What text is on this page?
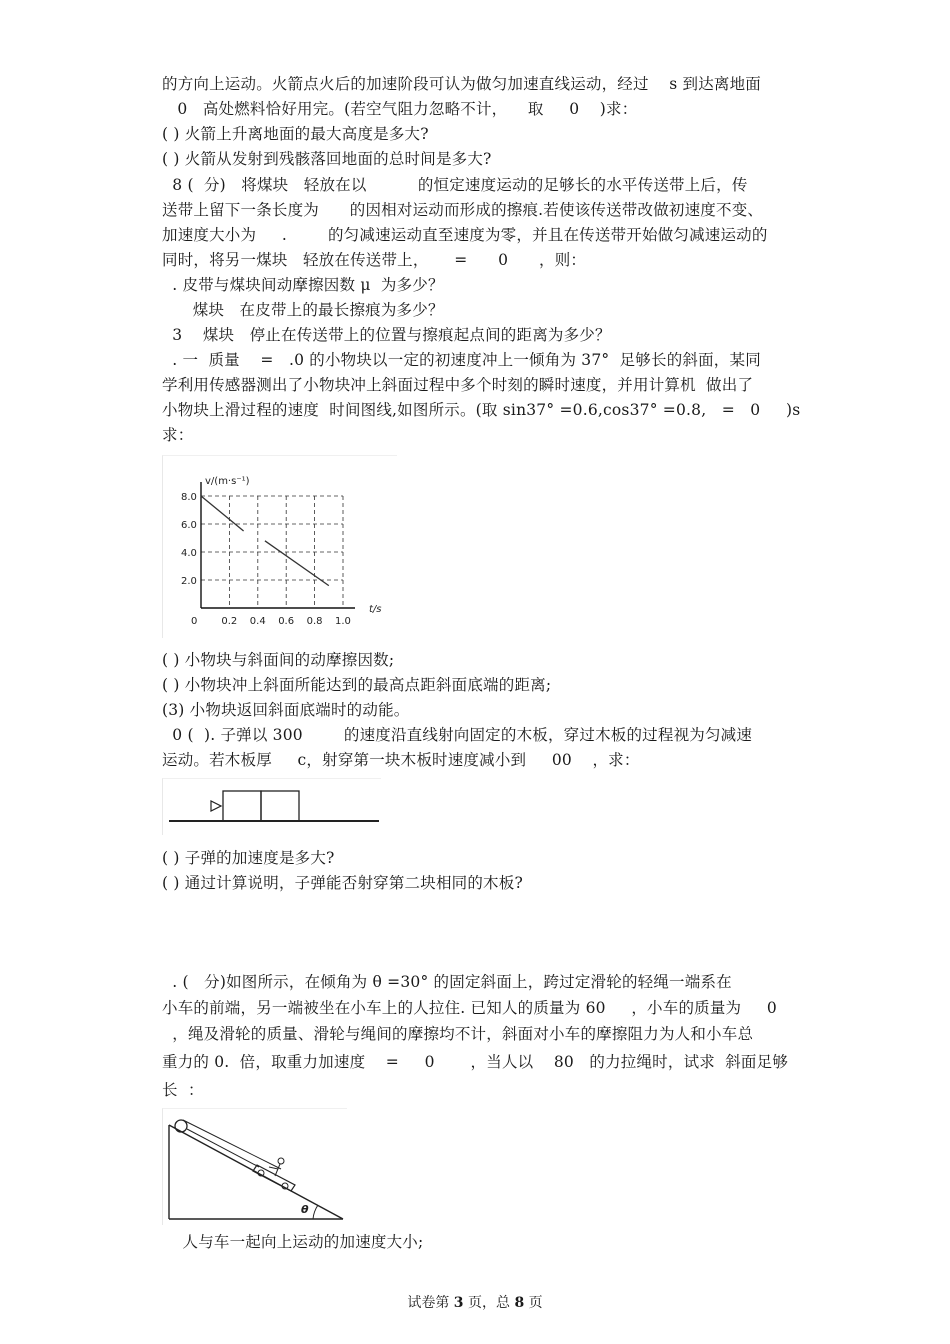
的方向上运动。火箭点火后的加速阶段可认为做匀加速直线运动，经过    s 到达离地面
0   高处燃料恰好用完。(若空气阻力忽略不计，    取     0    )求：
( ) 火箭上升离地面的最大高度是多大?
( ) 火箭从发射到残骸落回地面的总时间是多大?
8 (  分)   将煤块   轻放在以          的恒定速度运动的足够长的水平传送带上后，传
送带上留下一条长度为      的因相对运动而形成的擦痕.若使该传送带改做初速度不变、
加速度大小为     .        的匀减速运动直至速度为零，并且在传送带开始做匀减速运动的
同时，将另一煤块   轻放在传送带上，     =      0      ，则：
. 皮带与煤块间动摩擦因数 μ  为多少？
煤块   在皮带上的最长擦痕为多少？
3    煤块   停止在传送带上的位置与擦痕起点间的距离为多少？
. 一  质量    =   .0 的小物块以一定的初速度冲上一倾角为 37°  足够长的斜面，某同
学利用传感器测出了小物块冲上斜面过程中多个时刻的瞬时速度，并用计算机  做出了
小物块上滑过程的速度  时间图线,如图所示。(取 sin37° =0.6,cos37° =0.8,   =   0     )s
求：
2.0
4.0
6.0
8.0
0 0.2 0.4 0.6 0.8 1.0
v/(m·s⁻¹)
t/s
( ) 小物块与斜面间的动摩擦因数;
( ) 小物块冲上斜面所能达到的最高点距斜面底端的距离;
(3) 小物块返回斜面底端时的动能。
0 (  ). 子弹以 300        的速度沿直线射向固定的木板，穿过木板的过程视为匀减速
运动。若木板厚     c，射穿第一块木板时速度减小到     00    ，求：
( ) 子弹的加速度是多大?
( ) 通过计算说明，子弹能否射穿第二块相同的木板?
. (   分)如图所示，在倾角为 θ =30° 的固定斜面上，跨过定滑轮的轻绳一端系在
小车的前端，另一端被坐在小车上的人拉住. 已知人的质量为 60     ，小车的质量为     0
，绳及滑轮的质量、滑轮与绳间的摩擦均不计，斜面对小车的摩擦阻力为人和小车总
重力的 0.  倍，取重力加速度    =     0       ，当人以    80   的力拉绳时，试求  斜面足够
长  ：
θ
人与车一起向上运动的加速度大小;
试卷第 3 页，总 8 页
